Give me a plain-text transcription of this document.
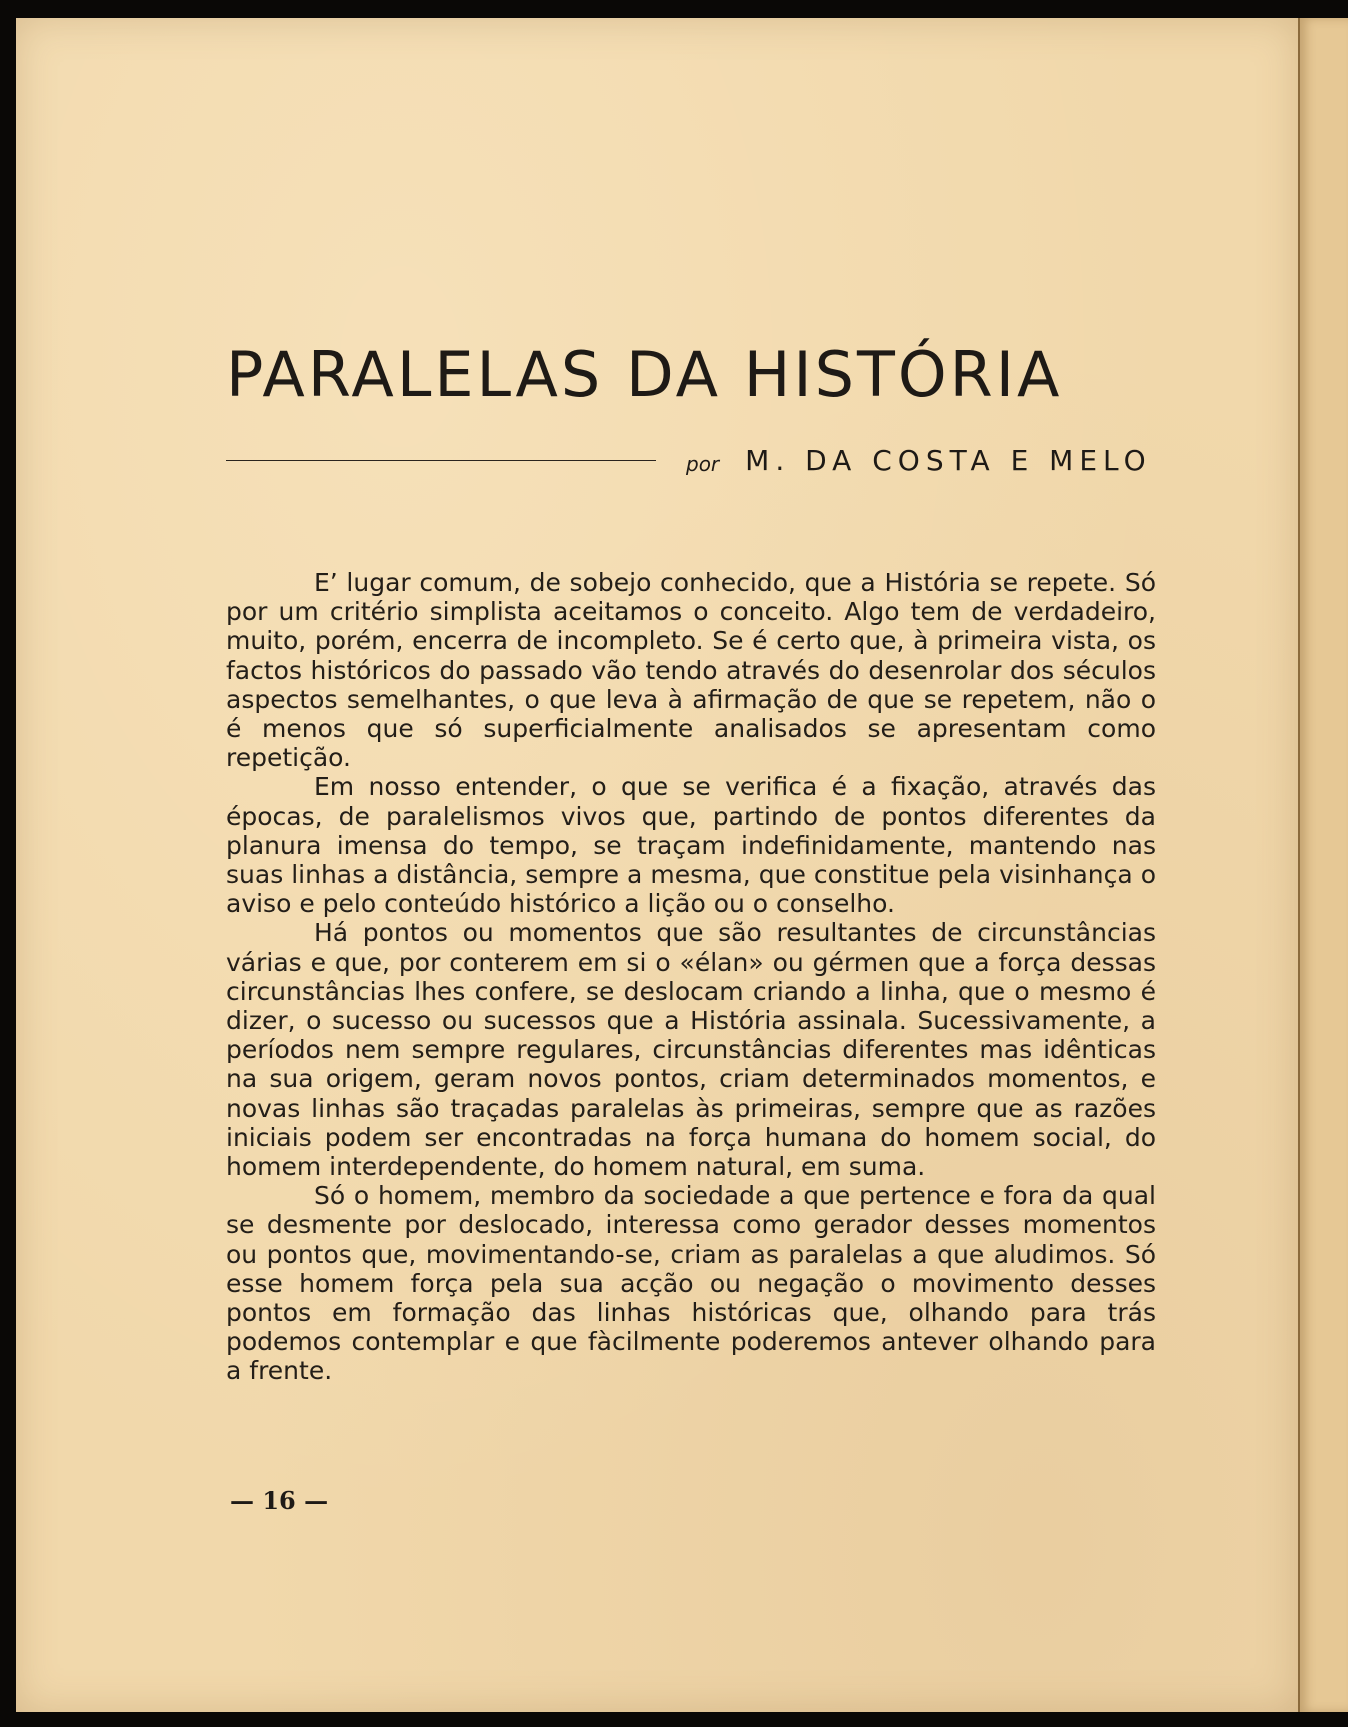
PARALELAS DA HISTÓRIA
por M. DA COSTA E MELO

E’ lugar comum, de sobejo conhecido, que a História se repete. Só por um critério simplista aceitamos o conceito. Algo tem de verdadeiro, muito, porém, encerra de incompleto. Se é certo que, à primeira vista, os factos históricos do passado vão tendo através do desenrolar dos séculos aspectos semelhantes, o que leva à afirmação de que se repetem, não o é menos que só superficialmente analisados se apresentam como repetição.

Em nosso entender, o que se verifica é a fixação, através das épocas, de paralelismos vivos que, partindo de pontos diferentes da planura imensa do tempo, se traçam indefinidamente, mantendo nas suas linhas a distância, sempre a mesma, que constitue pela visinhança o aviso e pelo conteúdo histórico a lição ou o conselho.

Há pontos ou momentos que são resultantes de circunstâncias várias e que, por conterem em si o «élan» ou gérmen que a força dessas circunstâncias lhes confere, se deslocam criando a linha, que o mesmo é dizer, o sucesso ou sucessos que a História assinala. Sucessivamente, a períodos nem sempre regulares, circunstâncias diferentes mas idênticas na sua origem, geram novos pontos, criam determinados momentos, e novas linhas são traçadas paralelas às primeiras, sempre que as razões iniciais podem ser encontradas na força humana do homem social, do homem interdependente, do homem natural, em suma.

Só o homem, membro da sociedade a que pertence e fora da qual se desmente por deslocado, interessa como gerador desses momentos ou pontos que, movimentando-se, criam as paralelas a que aludimos. Só esse homem força pela sua acção ou negação o movimento desses pontos em formação das linhas históricas que, olhando para trás podemos contemplar e que fàcilmente poderemos antever olhando para a frente.

— 16 —
